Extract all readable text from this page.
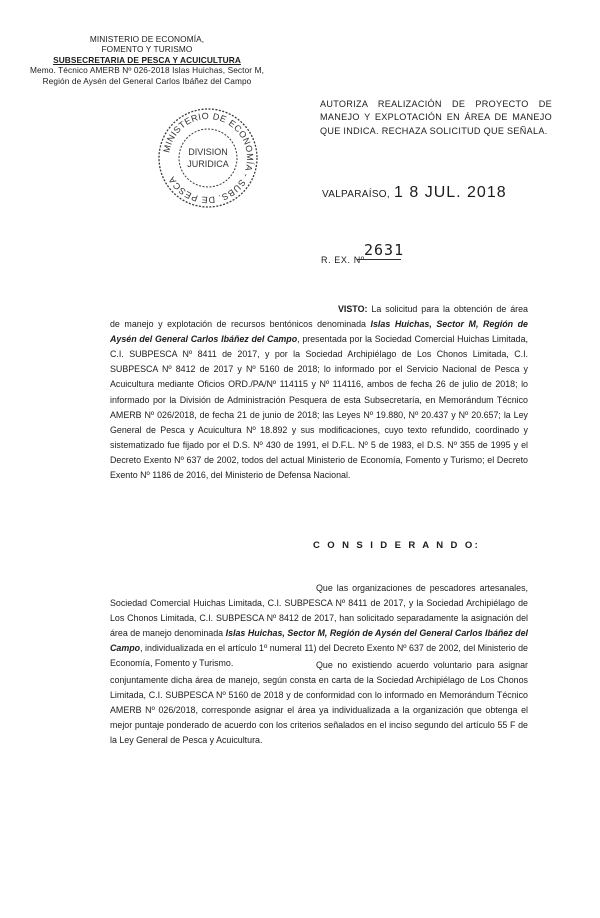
MINISTERIO DE ECONOMÍA,
FOMENTO Y TURISMO
SUBSECRETARIA DE PESCA Y ACUICULTURA
Memo. Técnico AMERB Nº 026-2018 Islas Huichas, Sector M,
Región de Aysén del General Carlos Ibáñez del Campo
MINISTERIO DE ECONOMÍA - SUBS. DE PESCA
DIVISION
JURIDICA
AUTORIZA REALIZACIÓN DE PROYECTO DE MANEJO Y EXPLOTACIÓN EN ÁREA DE MANEJO QUE INDICA. RECHAZA SOLICITUD QUE SEÑALA.
VALPARAÍSO, 1 8 JUL. 2018
R. EX. Nº
2631
VISTO: La solicitud para la obtención de área de manejo y explotación de recursos bentónicos denominada Islas Huichas, Sector M, Región de Aysén del General Carlos Ibáñez del Campo, presentada por la Sociedad Comercial Huichas Limitada, C.I. SUBPESCA Nº 8411 de 2017, y por la Sociedad Archipiélago de Los Chonos Limitada, C.I. SUBPESCA Nº 8412 de 2017 y Nº 5160 de 2018; lo informado por el Servicio Nacional de Pesca y Acuicultura mediante Oficios ORD./PA/Nº 114115 y Nº 114116, ambos de fecha 26 de julio de 2018; lo informado por la División de Administración Pesquera de esta Subsecretaría, en Memorándum Técnico AMERB Nº 026/2018, de fecha 21 de junio de 2018; las Leyes Nº 19.880, Nº 20.437 y Nº 20.657; la Ley General de Pesca y Acuicultura Nº 18.892 y sus modificaciones, cuyo texto refundido, coordinado y sistematizado fue fijado por el D.S. Nº 430 de 1991, el D.F.L. Nº 5 de 1983, el D.S. Nº 355 de 1995 y el Decreto Exento Nº 637 de 2002, todos del actual Ministerio de Economía, Fomento y Turismo; el Decreto Exento Nº 1186 de 2016, del Ministerio de Defensa Nacional.
C O N S I D E R A N D O:
Que las organizaciones de pescadores artesanales, Sociedad Comercial Huichas Limitada, C.I. SUBPESCA Nº 8411 de 2017, y la Sociedad Archipiélago de Los Chonos Limitada, C.I. SUBPESCA Nº 8412 de 2017, han solicitado separadamente la asignación del área de manejo denominada Islas Huichas, Sector M, Región de Aysén del General Carlos Ibáñez del Campo, individualizada en el artículo 1º numeral 11) del Decreto Exento Nº 637 de 2002, del Ministerio de Economía, Fomento y Turismo.	Que no existiendo acuerdo voluntario para asignar conjuntamente dicha área de manejo, según consta en carta de la Sociedad Archipiélago de Los Chonos Limitada, C.I. SUBPESCA Nº 5160 de 2018 y de conformidad con lo informado en Memorándum Técnico AMERB Nº 026/2018, corresponde asignar el área ya individualizada a la organización que obtenga el mejor puntaje ponderado de acuerdo con los criterios señalados en el inciso segundo del artículo 55 F de la Ley General de Pesca y Acuicultura.
